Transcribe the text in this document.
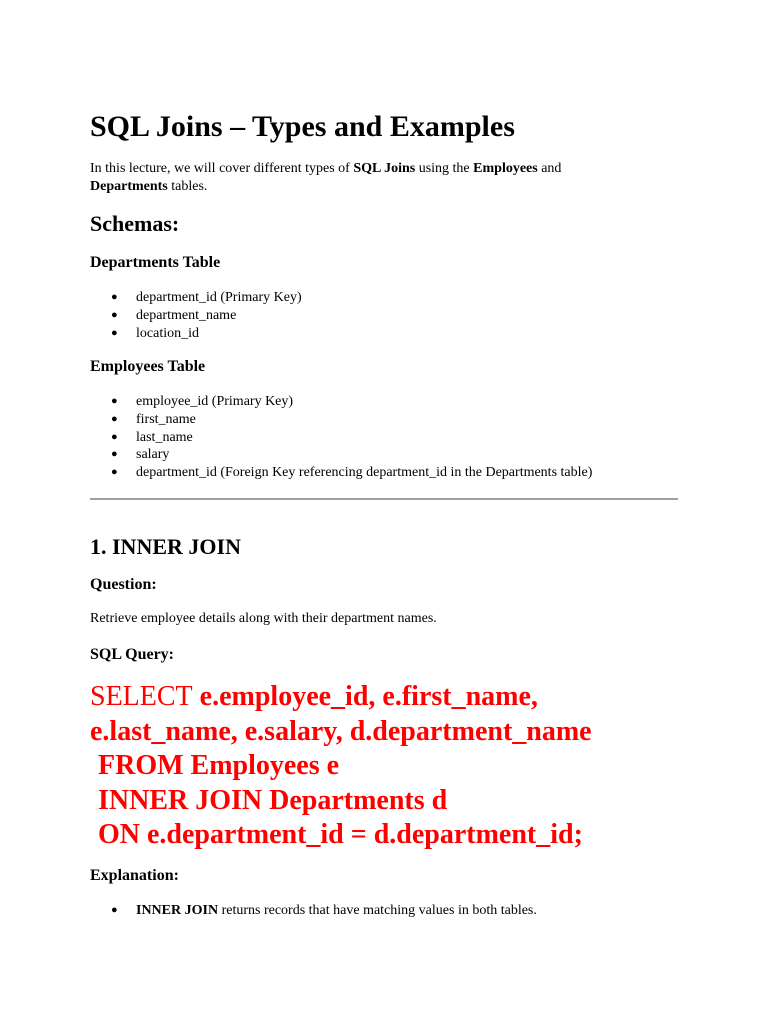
SQL Joins – Types and Examples

In this lecture, we will cover different types of SQL Joins using the Employees and
Departments tables.

Schemas:
Departments Table
● department_id (Primary Key)
● department_name
● location_id
Employees Table
● employee_id (Primary Key)
● first_name
● last_name
● salary
● department_id (Foreign Key referencing department_id in the Departments table)
1. INNER JOIN
Question:

Retrieve employee details along with their department names.

SQL Query:
SELECT e.employee_id, e.first_name,
e.last_name, e.salary, d.department_name
FROM Employees e
INNER JOIN Departments d
ON e.department_id = d.department_id;
Explanation:
● INNER JOIN returns records that have matching values in both tables.
